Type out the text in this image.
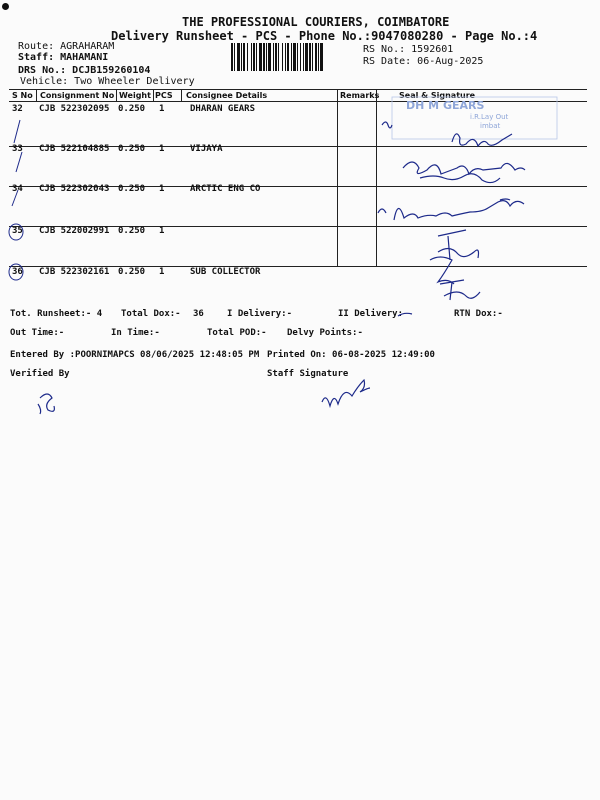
THE PROFESSIONAL COURIERS, COIMBATORE
Delivery Runsheet - PCS - Phone No.:9047080280 - Page No.:4
Route: AGRAHARAM
Staff: MAHAMANI
DRS No.: DCJB159260104
Vehicle: Two Wheeler Delivery
RS No.: 1592601
RS Date: 06-Aug-2025
S No Consignment No Weight PCS Consignee Details	Remarks Seal & Signature
32 CJB 522302095 0.250 1	DHARAN GEARS
33 CJB 522104885 0.250 1	VIJAYA
34 CJB 522302043 0.250 1	ARCTIC ENG CO
35 CJB 522002991 0.250 1
36 CJB 522302161 0.250 1	SUB COLLECTOR
Tot. Runsheet:- 4 Total Dox:- 36	I Delivery:-	II Delivery:	RTN Dox:-
Out Time:-	In Time:-	Total POD:- Delvy Points:-
Entered By :POORNIMAPCS 08/06/2025 12:48:05 PM Printed On: 06-08-2025 12:49:00
Verified By	Staff Signature
DH M GEARS
i.R.Lay Out
imbat
